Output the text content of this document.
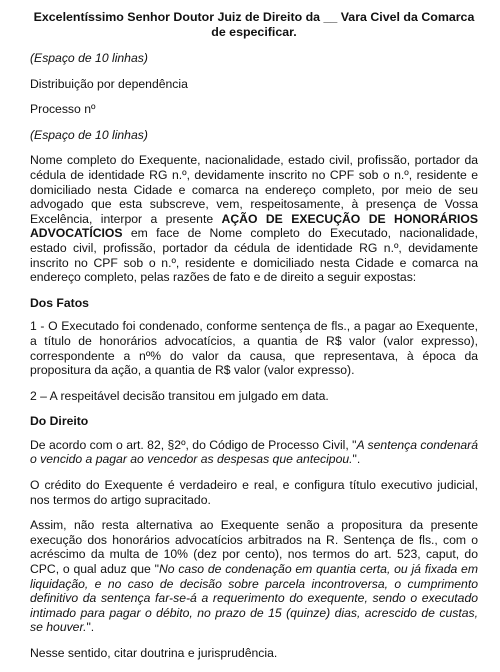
Excelentíssimo Senhor Doutor Juiz de Direito da __ Vara Civel da Comarca
de especificar.
(Espaço de 10 linhas)
Distribuição por dependência
Processo nº
(Espaço de 10 linhas)
Nome completo do Exequente, nacionalidade, estado civil, profissão, portador da cédula de identidade RG n.º, devidamente inscrito no CPF sob o n.º, residente e domiciliado nesta Cidade e comarca na endereço completo, por meio de seu advogado que esta subscreve, vem, respeitosamente, à presença de Vossa Excelência, interpor a presente AÇÃO DE EXECUÇÃO DE HONORÁRIOS ADVOCATÍCIOS em face de Nome completo do Executado, nacionalidade, estado civil, profissão, portador da cédula de identidade RG n.º, devidamente inscrito no CPF sob o n.º, residente e domiciliado nesta Cidade e comarca na endereço completo, pelas razões de fato e de direito a seguir expostas:
Dos Fatos
1 - O Executado foi condenado, conforme sentença de fls., a pagar ao Exequente, a título de honorários advocatícios, a quantia de R$ valor (valor expresso), correspondente a nº% do valor da causa, que representava, à época da propositura da ação, a quantia de R$ valor (valor expresso).
2 – A respeitável decisão transitou em julgado em data.
Do Direito
De acordo com o art. 82, §2º, do Código de Processo Civil, "A sentença condenará o vencido a pagar ao vencedor as despesas que antecipou.".
O crédito do Exequente é verdadeiro e real, e configura título executivo judicial, nos termos do artigo supracitado.
Assim, não resta alternativa ao Exequente senão a propositura da presente execução dos honorários advocatícios arbitrados na R. Sentença de fls., com o acréscimo da multa de 10% (dez por cento), nos termos do art. 523, caput, do CPC, o qual aduz que "No caso de condenação em quantia certa, ou já fixada em liquidação, e no caso de decisão sobre parcela incontroversa, o cumprimento definitivo da sentença far-se-á a requerimento do exequente, sendo o executado intimado para pagar o débito, no prazo de 15 (quinze) dias, acrescido de custas, se houver.".
Nesse sentido, citar doutrina e jurisprudência.
